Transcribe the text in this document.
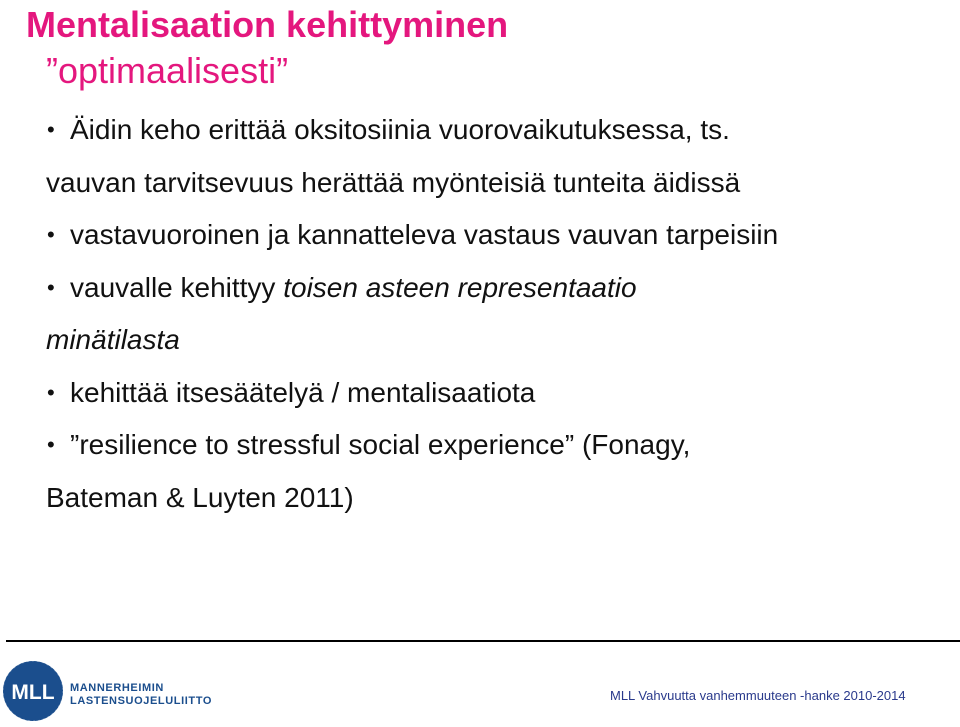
Mentalisaation kehittyminen
”optimaalisesti”
• Äidin keho erittää oksitosiinia vuorovaikutuksessa, ts.
vauvan tarvitsevuus herättää myönteisiä tunteita äidissä
• vastavuoroinen ja kannatteleva vastaus vauvan tarpeisiin
• vauvalle kehittyy toisen asteen representaatio
minätilasta
• kehittää itsesäätelyä / mentalisaatiota
• ”resilience to stressful social experience” (Fonagy,
Bateman & Luyten 2011)
MLL MANNERHEIMIN
LASTENSUOJELULIITTO	MLL Vahvuutta vanhemmuuteen -hanke 2010-2014
